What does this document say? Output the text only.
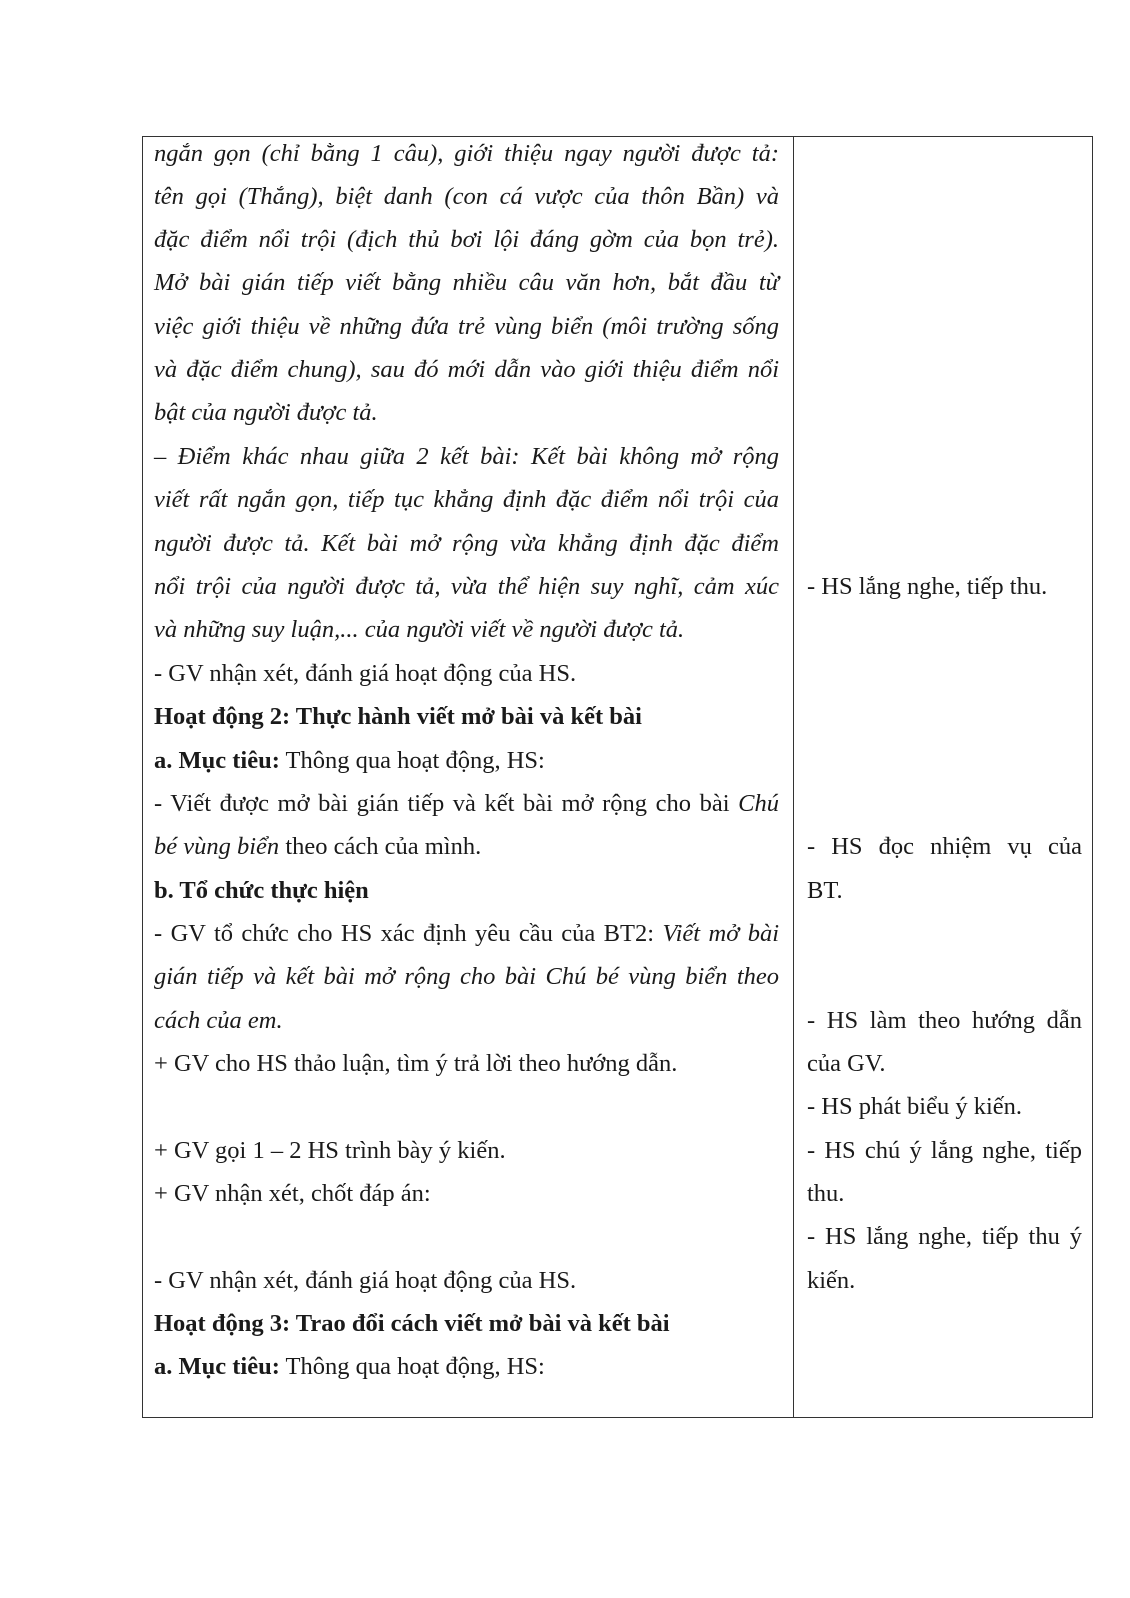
ngắn gọn (chỉ bằng 1 câu), giới thiệu ngay người được tả:
tên gọi (Thắng), biệt danh (con cá vược của thôn Bần) và
đặc điểm nổi trội (địch thủ bơi lội đáng gờm của bọn trẻ).
Mở bài gián tiếp viết bằng nhiều câu văn hơn, bắt đầu từ
việc giới thiệu về những đứa trẻ vùng biển (môi trường sống
và đặc điểm chung), sau đó mới dẫn vào giới thiệu điểm nổi
bật của người được tả.
– Điểm khác nhau giữa 2 kết bài: Kết bài không mở rộng
viết rất ngắn gọn, tiếp tục khẳng định đặc điểm nổi trội của
người được tả. Kết bài mở rộng vừa khẳng định đặc điểm
nổi trội của người được tả, vừa thể hiện suy nghĩ, cảm xúc
và những suy luận,... của người viết về người được tả.
- GV nhận xét, đánh giá hoạt động của HS.
Hoạt động 2: Thực hành viết mở bài và kết bài
a. Mục tiêu: Thông qua hoạt động, HS:
- Viết được mở bài gián tiếp và kết bài mở rộng cho bài Chú
bé vùng biển theo cách của mình.
b. Tổ chức thực hiện
- GV tổ chức cho HS xác định yêu cầu của BT2: Viết mở bài
gián tiếp và kết bài mở rộng cho bài Chú bé vùng biển theo
cách của em.
+ GV cho HS thảo luận, tìm ý trả lời theo hướng dẫn.
+ GV gọi 1 – 2 HS trình bày ý kiến.
+ GV nhận xét, chốt đáp án:
- GV nhận xét, đánh giá hoạt động của HS.
Hoạt động 3: Trao đổi cách viết mở bài và kết bài
a. Mục tiêu: Thông qua hoạt động, HS:
- HS lắng nghe, tiếp thu.
- HS đọc nhiệm vụ của
BT.
- HS làm theo hướng dẫn
của GV.
- HS phát biểu ý kiến.
- HS chú ý lắng nghe, tiếp
thu.
- HS lắng nghe, tiếp thu ý
kiến.
